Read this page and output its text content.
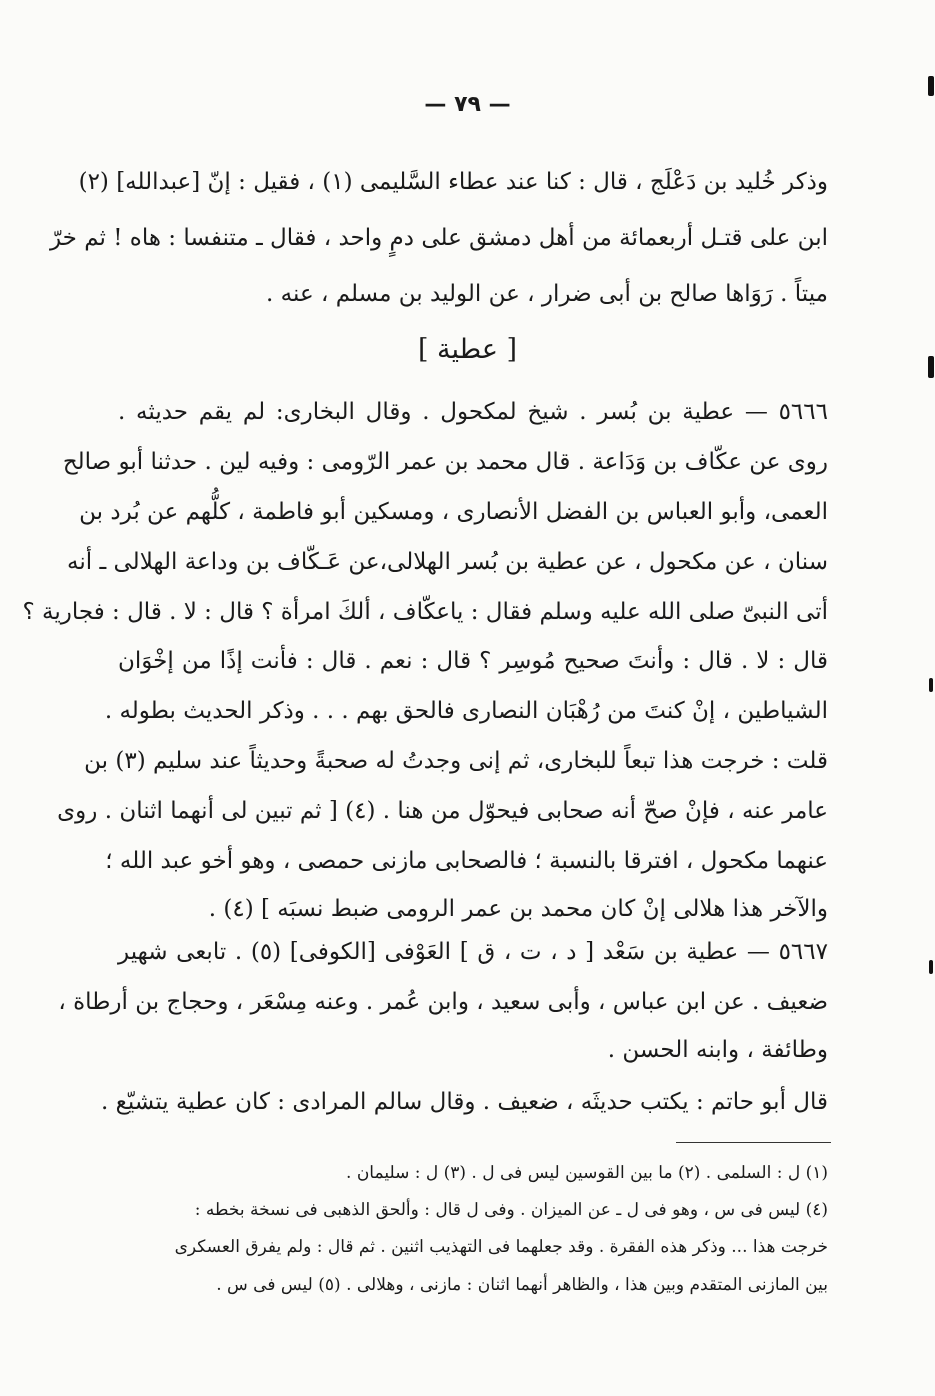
— ٧٩ —
وذكر خُليد بن دَعْلَج ، قال : كنا عند عطاء السَّليمى (١) ، فقيل : إنّ [عبدالله] (٢)
ابن على قتـل أربعمائة من أهل دمشق على دمٍ واحد ، فقال ـ متنفسا : هاه ! ثم خرّ
ميتاً . رَوَاها صالح بن أبى ضرار ، عن الوليد بن مسلم ، عنه .
[ عطية ]
٥٦٦٦ — عطية بن بُسر . شيخ لمكحول . وقال البخارى: لم يقم حديثه .
روى عن عكّاف بن وَدَاعة . قال محمد بن عمر الرّومى : وفيه لين . حدثنا أبو صالح
العمى، وأبو العباس بن الفضل الأنصارى ، ومسكين أبو فاطمة ، كلُّهم عن بُرد بن
سنان ، عن مكحول ، عن عطية بن بُسر الهلالى،عن عَـكّاف بن وداعة الهلالى ـ أنه
أتى النبىّ صلى الله عليه وسلم فقال : ياعكّاف ، ألكَ امرأة ؟ قال : لا . قال : فجارية ؟
قال : لا . قال : وأنتَ صحيح مُوسِر ؟ قال : نعم . قال : فأنت إذًا من إخْوَان
الشياطين ، إنْ كنتَ من رُهْبَان النصارى فالحق بهم . . . وذكر الحديث بطوله .
قلت : خرجت هذا تبعاً للبخارى، ثم إنى وجدتُ له صحبةً وحديثاً عند سليم (٣) بن
عامر عنه ، فإنْ صحّ أنه صحابى فيحوّل من هنا . (٤) [ ثم تبين لى أنهما اثنان . روى
عنهما مكحول ، افترقا بالنسبة ؛ فالصحابى مازنى حمصى ، وهو أخو عبد الله ؛
والآخر هذا هلالى إنْ كان محمد بن عمر الرومى ضبط نسبَه ] (٤) .
٥٦٦٧ — عطية بن سَعْد [ د ، ت ، ق ] العَوْفى [الكوفى] (٥) . تابعى شهير
ضعيف . عن ابن عباس ، وأبى سعيد ، وابن عُمر . وعنه مِسْعَر ، وحجاج بن أرطاة ،
وطائفة ، وابنه الحسن .
قال أبو حاتم : يكتب حديثَه ، ضعيف . وقال سالم المرادى : كان عطية يتشيّع .
(١) ل : السلمى . (٢) ما بين القوسين ليس فى ل . (٣) ل : سليمان .
(٤) ليس فى س ، وهو فى ل ـ عن الميزان . وفى ل قال : وألحق الذهبى فى نسخة بخطه :
خرجت هذا ... وذكر هذه الفقرة . وقد جعلهما فى التهذيب اثنين . ثم قال : ولم يفرق العسكرى
بين المازنى المتقدم وبين هذا ، والظاهر أنهما اثنان : مازنى ، وهلالى . (٥) ليس فى س .
